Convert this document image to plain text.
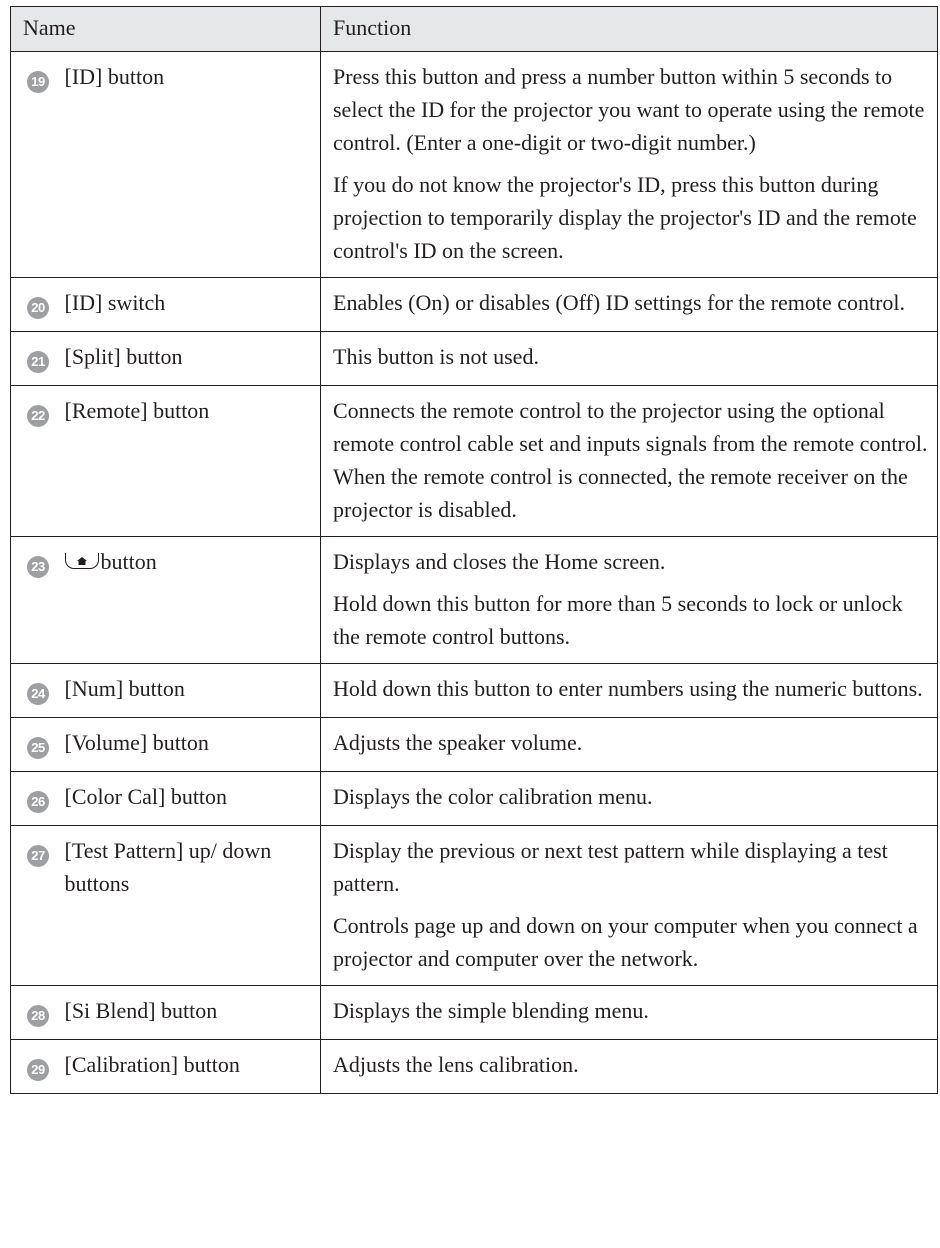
Name		Function
19	[ID] button	Press this button and press a number button within 5 seconds to select the ID for the projector you want to operate using the remote control. (Enter a one-digit or two-digit number.)

If you do not know the projector's ID, press this button during projection to temporarily display the projector's ID and the remote control's ID on the screen.

20	[ID] switch	Enables (On) or disables (Off) ID settings for the remote control.

21	[Split] button	This button is not used.

22	[Remote] button	Connects the remote control to the projector using the optional remote control cable set and inputs signals from the remote control. When the remote control is connected, the remote receiver on the projector is disabled.

23	button	Displays and closes the Home screen.

Hold down this button for more than 5 seconds to lock or unlock the remote control buttons.

24	[Num] button	Hold down this button to enter numbers using the numeric buttons.

25	[Volume] button	Adjusts the speaker volume.

26	[Color Cal] button	Displays the color calibration menu.

27	[Test Pattern] up/ down buttons	Display the previous or next test pattern while displaying a test pattern.

Controls page up and down on your computer when you connect a projector and computer over the network.

28	[Si Blend] button	Displays the simple blending menu.

29	[Calibration] button	Adjusts the lens calibration.
